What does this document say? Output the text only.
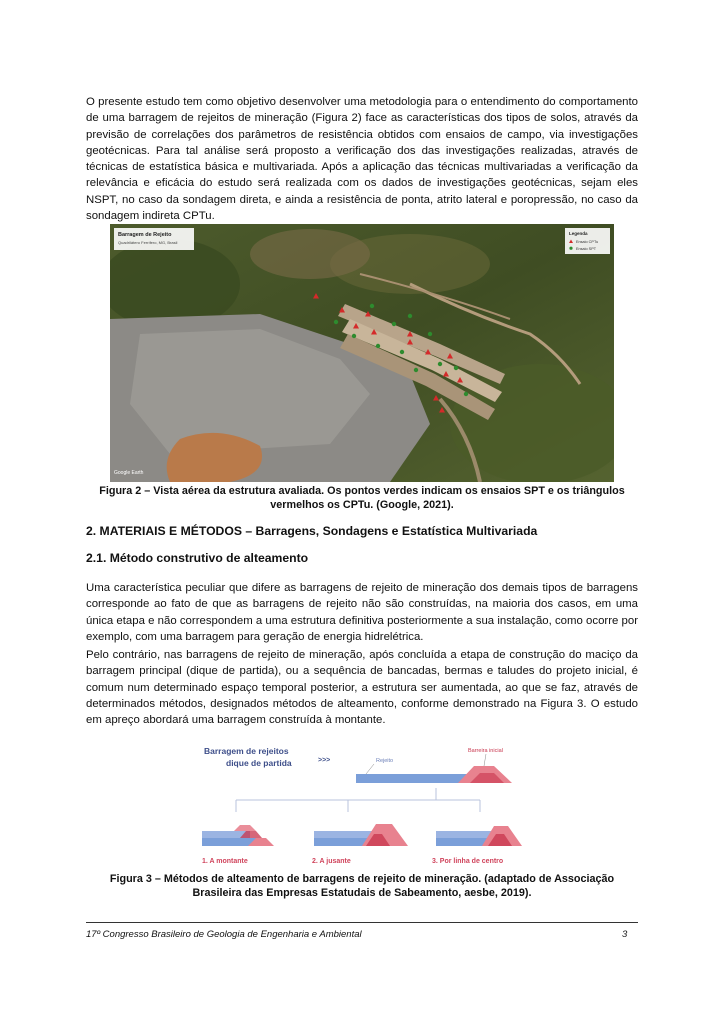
O presente estudo tem como objetivo desenvolver uma metodologia para o entendimento do comportamento de uma barragem de rejeitos de mineração (Figura 2) face as características dos tipos de solos, através da previsão de correlações dos parâmetros de resistência obtidos com ensaios de campo, via investigações geotécnicas. Para tal análise será proposto a verificação dos das investigações realizadas, através de técnicas de estatística básica e multivariada. Após a aplicação das técnicas multivariadas a verificação da relevância e eficácia do estudo será realizada com os dados de investigações geotécnicas, sejam eles NSPT, no caso da sondagem direta, e ainda a resistência de ponta, atrito lateral e poropressão, no caso da sondagem indireta CPTu.

Barragem de Rejeito
Quadrilátero Ferrífero, MG, Brasil
Legenda
Ensaio CPTu
Ensaio SPT
Google Earth

Figura 2 – Vista aérea da estrutura avaliada. Os pontos verdes indicam os ensaios SPT e os triângulos vermelhos os CPTu. (Google, 2021).

2. MATERIAIS E MÉTODOS – Barragens, Sondagens e Estatística Multivariada

2.1. Método construtivo de alteamento

Uma característica peculiar que difere as barragens de rejeito de mineração dos demais tipos de barragens corresponde ao fato de que as barragens de rejeito não são construídas, na maioria dos casos, em uma única etapa e não correspondem a uma estrutura definitiva posteriormente a sua instalação, como ocorre por exemplo, com uma barragem para geração de energia hidrelétrica.

Pelo contrário, nas barragens de rejeito de mineração, após concluída a etapa de construção do maciço da barragem principal (dique de partida), ou a sequência de bancadas, bermas e taludes do projeto inicial, é comum num determinado espaço temporal posterior, a estrutura ser aumentada, ao que se faz, através de determinados métodos, designados métodos de alteamento, conforme demonstrado na Figura 3. O estudo em apreço abordará uma barragem construída à montante.

Barragem de rejeitos
dique de partida	>>>	Rejeito
Barreira inicial
1. A montante	2. A jusante	3. Por linha de centro

Figura 3 – Métodos de alteamento de barragens de rejeito de mineração. (adaptado de Associação Brasileira das Empresas Estatudais de Sabeamento, aesbe, 2019).

17º Congresso Brasileiro de Geologia de Engenharia e Ambiental	3
